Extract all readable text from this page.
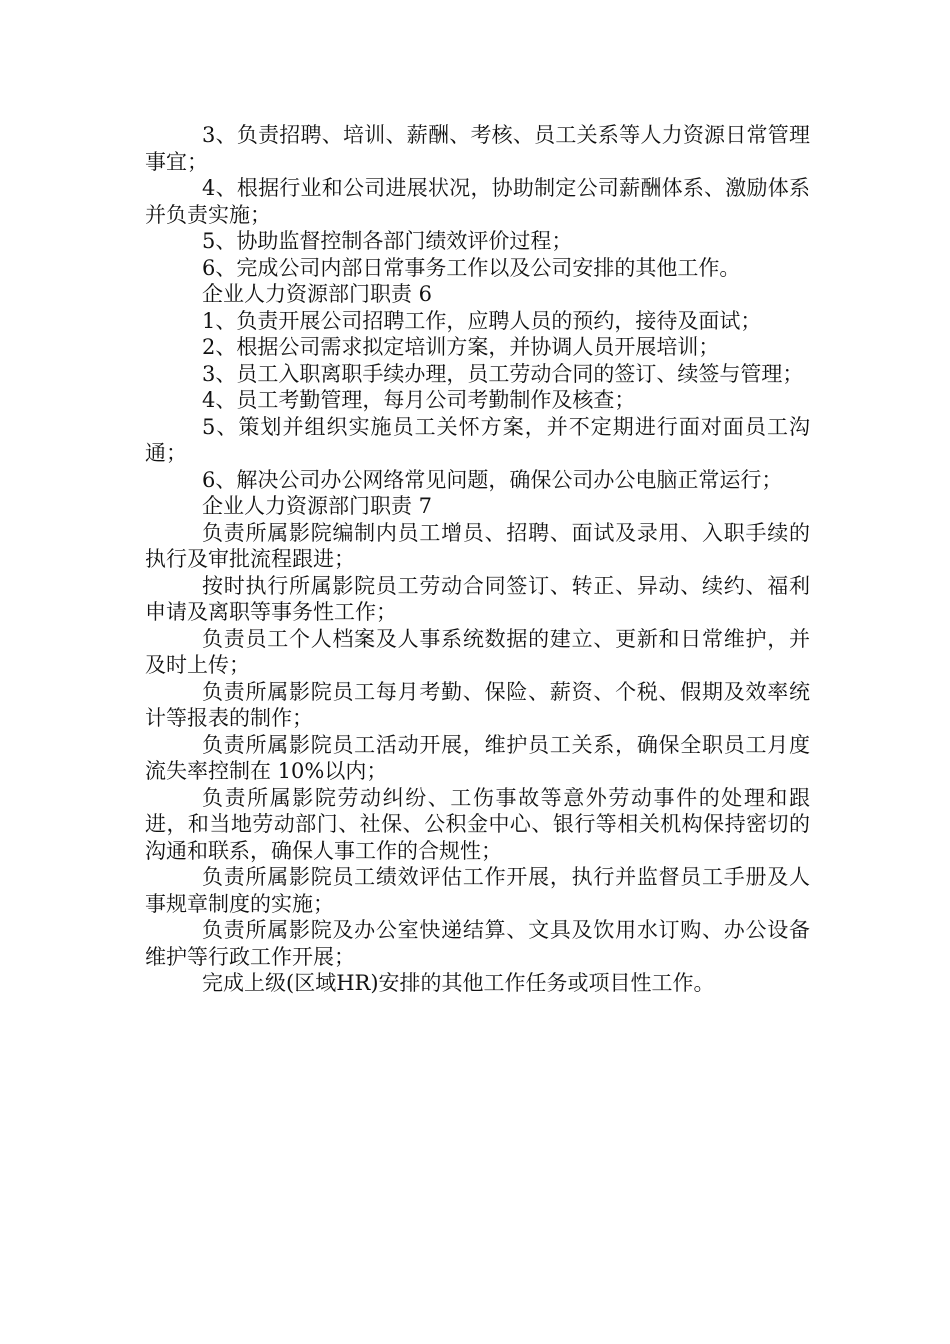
3、负责招聘、培训、薪酬、考核、员工关系等人力资源日常管理事宜；

4、根据行业和公司进展状况，协助制定公司薪酬体系、激励体系并负责实施；

5、协助监督控制各部门绩效评价过程；

6、完成公司内部日常事务工作以及公司安排的其他工作。

企业人力资源部门职责 6

1、负责开展公司招聘工作，应聘人员的预约，接待及面试；

2、根据公司需求拟定培训方案，并协调人员开展培训；

3、员工入职离职手续办理，员工劳动合同的签订、续签与管理；

4、员工考勤管理，每月公司考勤制作及核查；

5、策划并组织实施员工关怀方案，并不定期进行面对面员工沟通；

6、解决公司办公网络常见问题，确保公司办公电脑正常运行；

企业人力资源部门职责 7

负责所属影院编制内员工增员、招聘、面试及录用、入职手续的执行及审批流程跟进；

按时执行所属影院员工劳动合同签订、转正、异动、续约、福利申请及离职等事务性工作；

负责员工个人档案及人事系统数据的建立、更新和日常维护，并及时上传；

负责所属影院员工每月考勤、保险、薪资、个税、假期及效率统计等报表的制作；

负责所属影院员工活动开展，维护员工关系，确保全职员工月度流失率控制在 10%以内；

负责所属影院劳动纠纷、工伤事故等意外劳动事件的处理和跟进，和当地劳动部门、社保、公积金中心、银行等相关机构保持密切的沟通和联系，确保人事工作的合规性；

负责所属影院员工绩效评估工作开展，执行并监督员工手册及人事规章制度的实施；

负责所属影院及办公室快递结算、文具及饮用水订购、办公设备维护等行政工作开展；

完成上级(区域HR)安排的其他工作任务或项目性工作。
